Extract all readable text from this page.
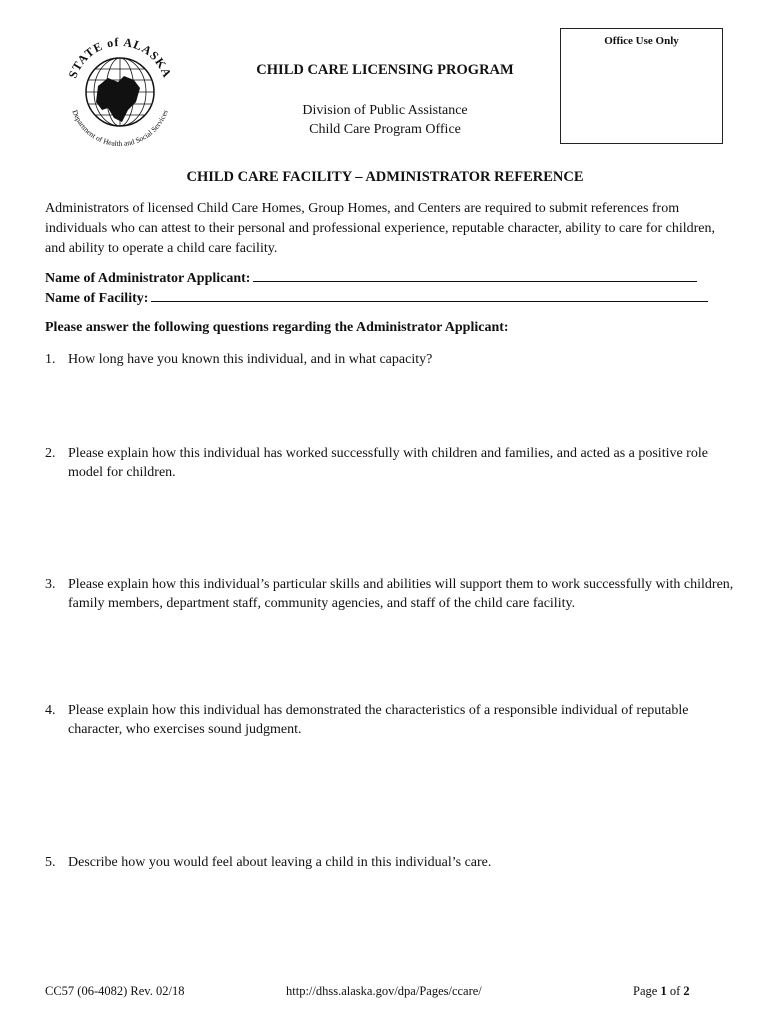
STATE of ALASKA
Department of Health and Social Services
Office Use Only
CHILD CARE LICENSING PROGRAM
Division of Public Assistance
Child Care Program Office
CHILD CARE FACILITY – ADMINISTRATOR REFERENCE
Administrators of licensed Child Care Homes, Group Homes, and Centers are required to submit references from individuals who can attest to their personal and professional experience, reputable character, ability to care for children, and ability to operate a child care facility.
Name of Administrator Applicant:
Name of Facility:
Please answer the following questions regarding the Administrator Applicant:
1. How long have you known this individual, and in what capacity?
2. Please explain how this individual has worked successfully with children and families, and acted as a positive role model for children.
3. Please explain how this individual’s particular skills and abilities will support them to work successfully with children, family members, department staff, community agencies, and staff of the child care facility.
4. Please explain how this individual has demonstrated the characteristics of a responsible individual of reputable character, who exercises sound judgment.
5. Describe how you would feel about leaving a child in this individual’s care.
CC57 (06-4082) Rev. 02/18	http://dhss.alaska.gov/dpa/Pages/ccare/	Page 1 of 2
